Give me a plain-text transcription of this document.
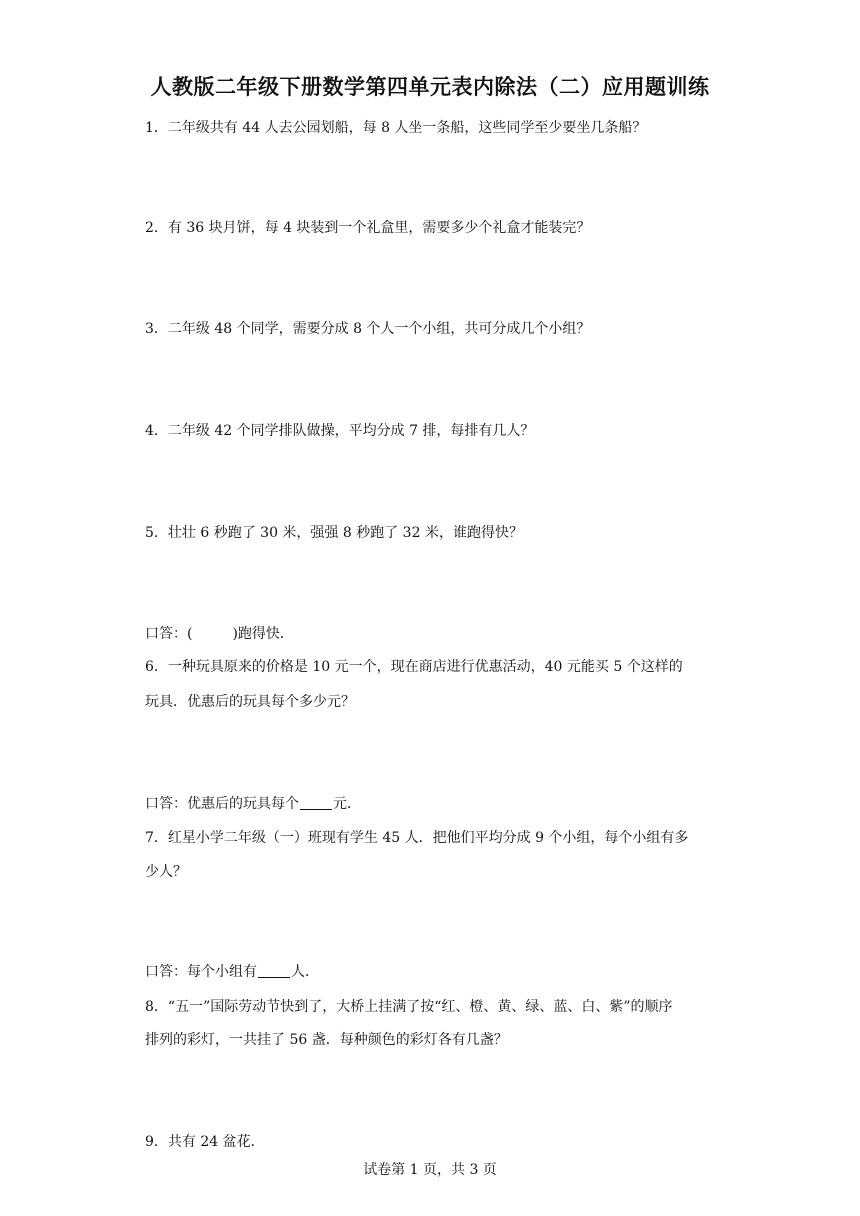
人教版二年级下册数学第四单元表内除法（二）应用题训练
1．二年级共有 44 人去公园划船，每 8 人坐一条船，这些同学至少要坐几条船？
2．有 36 块月饼，每 4 块装到一个礼盒里，需要多少个礼盒才能装完？
3．二年级 48 个同学，需要分成 8 个人一个小组，共可分成几个小组？
4．二年级 42 个同学排队做操，平均分成 7 排，每排有几人？
5．壮壮 6 秒跑了 30 米，强强 8 秒跑了 32 米，谁跑得快？
口答：(	)跑得快．
6．一种玩具原来的价格是 10 元一个，现在商店进行优惠活动，40 元能买 5 个这样的
玩具．优惠后的玩具每个多少元？
口答：优惠后的玩具每个 元．
7．红星小学二年级（一）班现有学生 45 人．把他们平均分成 9 个小组，每个小组有多
少人？
口答：每个小组有 人．
8．“五一”国际劳动节快到了，大桥上挂满了按“红、橙、黄、绿、蓝、白、紫”的顺序
排列的彩灯，一共挂了 56 盏．每种颜色的彩灯各有几盏？
9．共有 24 盆花．
试卷第 1 页，共 3 页
